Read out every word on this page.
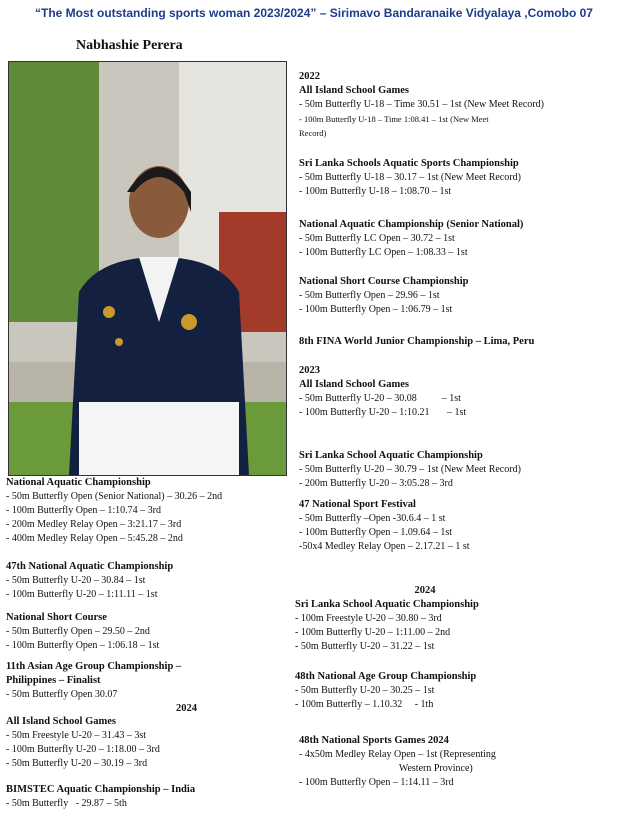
“The Most outstanding sports woman 2023/2024” – Sirimavo Bandaranaike Vidyalaya ,Comobo 07
Nabhashie Perera
2022
All Island School Games
- 50m Butterfly U-18 – Time 30.51 – 1st (New Meet Record)
- 100m Butterfly U-18 – Time 1:08.41 – 1st (New Meet
Record)
Sri Lanka Schools Aquatic Sports Championship
- 50m Butterfly U-18 – 30.17 – 1st (New Meet Record)
- 100m Butterfly U-18 – 1:08.70 – 1st
National Aquatic Championship (Senior National)
- 50m Butterfly LC Open – 30.72 – 1st
- 100m Butterfly LC Open – 1:08.33 – 1st
National Short Course Championship
- 50m Butterfly Open – 29.96 – 1st
- 100m Butterfly Open – 1:06.79 – 1st
8th FINA World Junior Championship – Lima, Peru
2023
All Island School Games
- 50m Butterfly U-20 – 30.08          – 1st
- 100m Butterfly U-20 – 1:10.21       – 1st
Sri Lanka School Aquatic Championship
- 50m Butterfly U-20 – 30.79 – 1st (New Meet Record)
- 200m Butterfly U-20 – 3:05.28 – 3rd
47 National Sport Festival
- 50m Butterfly –Open -30.6.4 – 1 st
- 100m Butterfly Open – 1.09.64 – 1st
-50x4 Medley Relay Open – 2.17.21 – 1 st
2024
Sri Lanka School Aquatic Championship
- 100m Freestyle U-20 – 30.80 – 3rd
- 100m Butterfly U-20 – 1:11.00 – 2nd
- 50m Butterfly U-20 – 31.22 – 1st
48th National Age Group Championship
- 50m Butterfly U-20 – 30.25 – 1st
- 100m Butterfly – 1.10.32     - 1th
48th National Sports Games 2024
- 4x50m Medley Relay Open – 1st (Representing
Western Province)
- 100m Butterfly Open – 1:14.11 – 3rd
National Aquatic Championship
- 50m Butterfly Open (Senior National) – 30.26 – 2nd
- 100m Butterfly Open – 1:10.74 – 3rd
- 200m Medley Relay Open – 3:21.17 – 3rd
- 400m Medley Relay Open – 5:45.28 – 2nd
47th National Aquatic Championship
- 50m Butterfly U-20 – 30.84 – 1st
- 100m Butterfly U-20 – 1:11.11 – 1st
National Short Course
- 50m Butterfly Open – 29.50 – 2nd
- 100m Butterfly Open – 1:06.18 – 1st
11th Asian Age Group Championship –
Philippines – Finalist
- 50m Butterfly Open 30.07
2024
All Island School Games
- 50m Freestyle U-20 – 31.43 – 3st
- 100m Butterfly U-20 – 1:18.00 – 3rd
- 50m Butterfly U-20 – 30.19 – 3rd
BIMSTEC Aquatic Championship – India
- 50m Butterfly   - 29.87 – 5th
